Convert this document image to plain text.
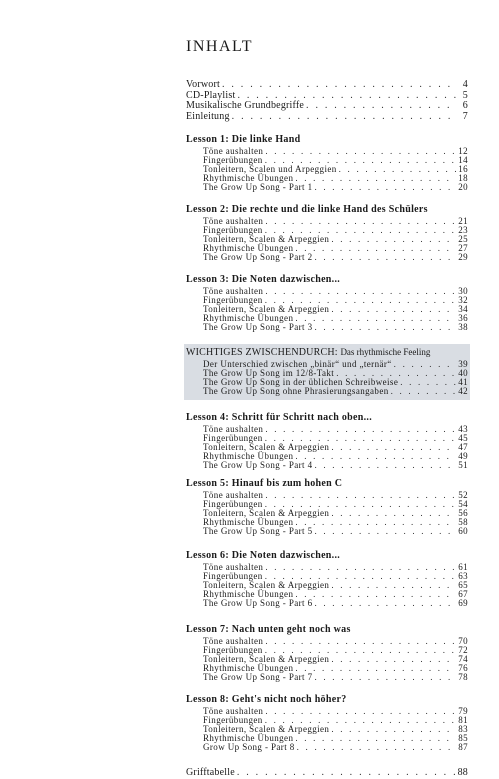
INHALT
Vorwort . . .	4
CD-Playlist . . .	5
Musikalische Grundbegriffe . . .	6
Einleitung . . .	7
Lesson 1: Die linke Hand
Töne aushalten . . .	12
Fingerübungen . . .	14
Tonleitern, Scalen und Arpeggien . . .	16
Rhythmische Übungen . . .	18
The Grow Up Song - Part 1 . . .	20
Lesson 2: Die rechte und die linke Hand des Schülers
Töne aushalten . . .	21
Fingerübungen . . .	23
Tonleitern, Scalen & Arpeggien . . .	25
Rhythmische Übungen . . .	27
The Grow Up Song - Part 2 . . .	29
Lesson 3: Die Noten dazwischen...
Töne aushalten . . .	30
Fingerübungen . . .	32
Tonleitern, Scalen & Arpeggien . . .	34
Rhythmische Übungen . . .	36
The Grow Up Song - Part 3 . . .	38
WICHTIGES ZWISCHENDURCH: Das rhythmische Feeling
Der Unterschied zwischen „binär“ und „ternär“ . . .	39
The Grow Up Song im 12/8-Takt . . .	40
The Grow Up Song in der üblichen Schreibweise . . .	41
The Grow Up Song ohne Phrasierungsangaben . . .	42
Lesson 4: Schritt für Schritt nach oben...
Töne aushalten . . .	43
Fingerübungen . . .	45
Tonleitern, Scalen & Arpeggien . . .	47
Rhythmische Übungen . . .	49
The Grow Up Song - Part 4 . . .	51
Lesson 5: Hinauf bis zum hohen C
Töne aushalten . . .	52
Fingerübungen . . .	54
Tonleitern, Scalen & Arpeggien . . .	56
Rhythmische Übungen . . .	58
The Grow Up Song - Part 5 . . .	60
Lesson 6: Die Noten dazwischen...
Töne aushalten . . .	61
Fingerübungen . . .	63
Tonleitern, Scalen & Arpeggien . . .	65
Rhythmische Übungen . . .	67
The Grow Up Song - Part 6 . . .	69
Lesson 7: Nach unten geht noch was
Töne aushalten . . .	70
Fingerübungen . . .	72
Tonleitern, Scalen & Arpeggien . . .	74
Rhythmische Übungen . . .	76
The Grow Up Song - Part 7 . . .	78
Lesson 8: Geht's nicht noch höher?
Töne aushalten . . .	79
Fingerübungen . . .	81
Tonleitern, Scalen & Arpeggien . . .	83
Rhythmische Übungen . . .	85
Grow Up Song - Part 8 . . .	87
Grifftabelle . . .	88
